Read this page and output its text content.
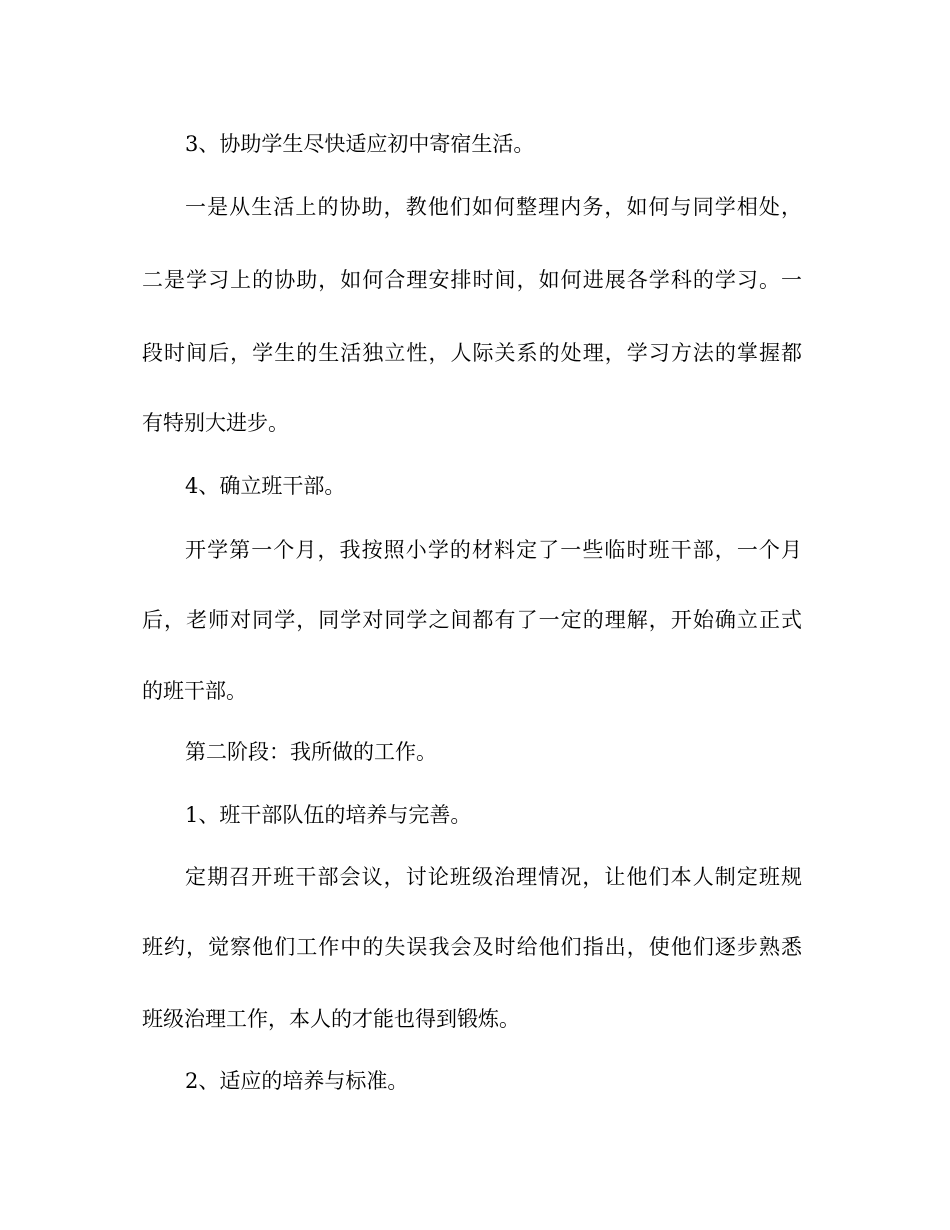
3、协助学生尽快适应初中寄宿生活。
一是从生活上的协助，教他们如何整理内务，如何与同学相处，
二是学习上的协助，如何合理安排时间，如何进展各学科的学习。一
段时间后，学生的生活独立性，人际关系的处理，学习方法的掌握都
有特别大进步。
4、确立班干部。
开学第一个月，我按照小学的材料定了一些临时班干部，一个月
后，老师对同学，同学对同学之间都有了一定的理解，开始确立正式
的班干部。
第二阶段：我所做的工作。
1、班干部队伍的培养与完善。
定期召开班干部会议，讨论班级治理情况，让他们本人制定班规
班约，觉察他们工作中的失误我会及时给他们指出，使他们逐步熟悉
班级治理工作，本人的才能也得到锻炼。
2、适应的培养与标准。
